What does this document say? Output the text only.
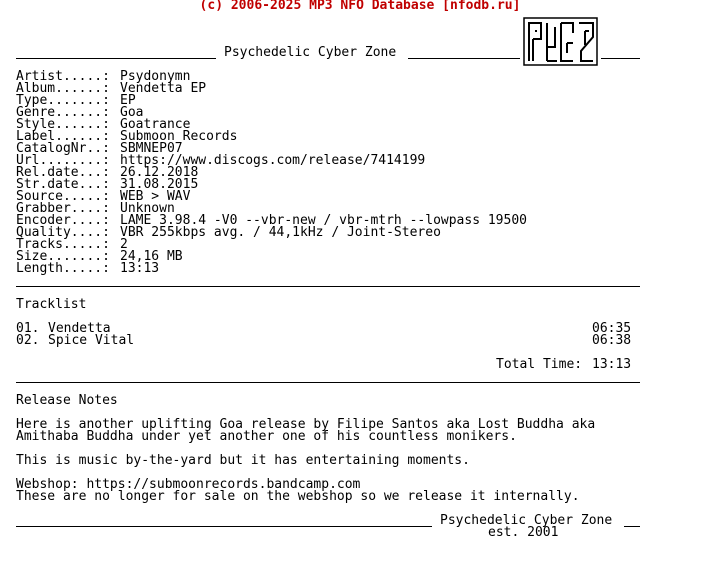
(c) 2006-2025 MP3 NFO Database [nfodb.ru]
Psychedelic Cyber Zone
Artist.....: Psydonymn
Album......: Vendetta EP
Type.......: EP
Genre......: Goa
Style......: Goatrance
Label......: Submoon Records
CatalogNr..: SBMNEP07
Url........: https://www.discogs.com/release/7414199
Rel.date...: 26.12.2018
Str.date...: 31.08.2015
Source.....: WEB > WAV
Grabber....: Unknown
Encoder....: LAME 3.98.4 -V0 --vbr-new / vbr-mtrh --lowpass 19500
Quality....: VBR 255kbps avg. / 44,1kHz / Joint-Stereo
Tracks.....: 2
Size.......: 24,16 MB
Length.....: 13:13
Tracklist
01. Vendetta	06:35
02. Spice Vital	06:38
Total Time: 13:13
Release Notes
Here is another uplifting Goa release by Filipe Santos aka Lost Buddha aka
Amithaba Buddha under yet another one of his countless monikers.
This is music by-the-yard but it has entertaining moments.
Webshop: https://submoonrecords.bandcamp.com
These are no longer for sale on the webshop so we release it internally.
Psychedelic Cyber Zone
est. 2001
